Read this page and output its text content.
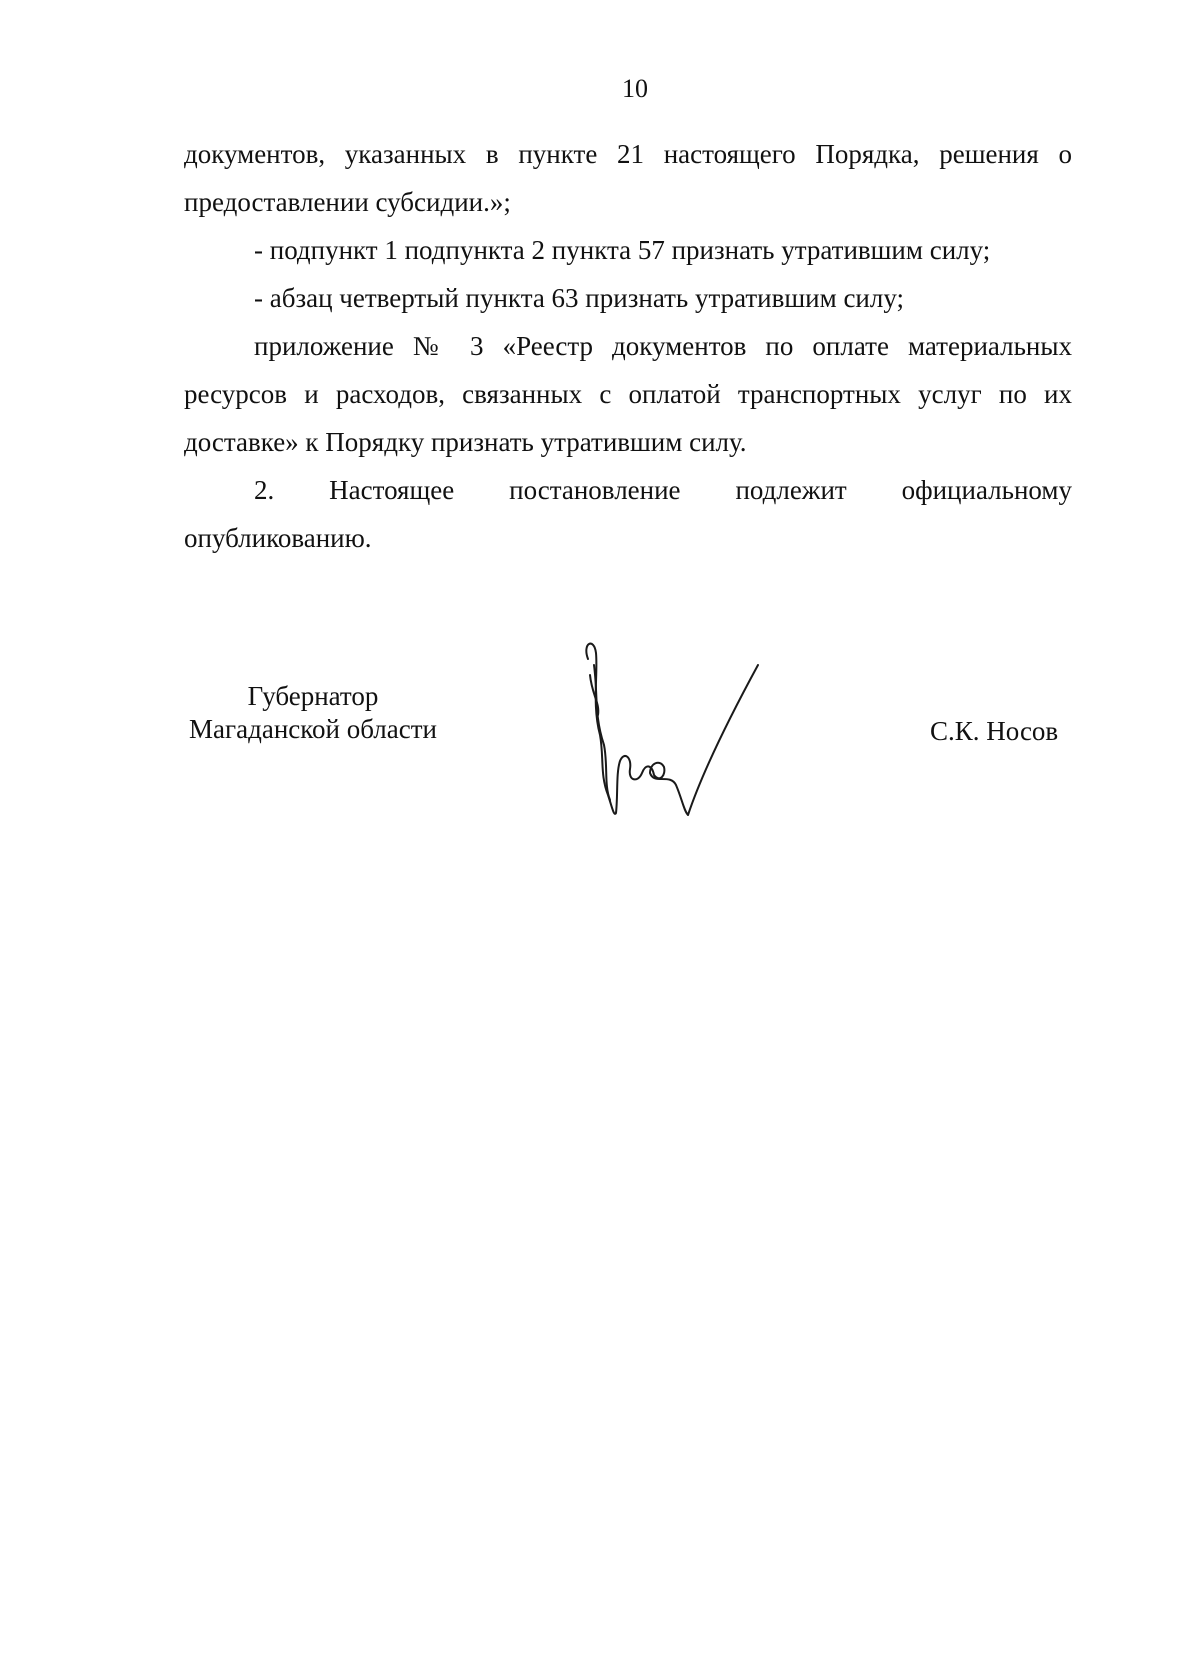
10

документов, указанных в пункте 21 настоящего Порядка, решения о предоставлении субсидии.»;

- подпункт 1 подпункта 2 пункта 57 признать утратившим силу;

- абзац четвертый пункта 63 признать утратившим силу;

приложение № 3 «Реестр документов по оплате материальных ресурсов и расходов, связанных с оплатой транспортных услуг по их доставке» к Порядку признать утратившим силу.

2. Настоящее постановление подлежит официальному опубликованию.

Губернатор
Магаданской области	С.К. Носов
